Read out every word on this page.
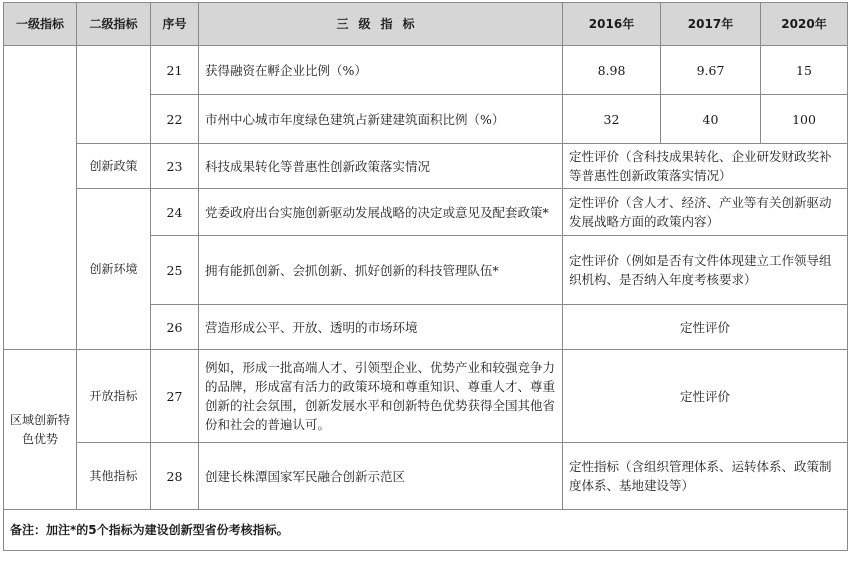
一级指标	二级指标	序号	三级指标	2016年	2017年	2020年
		21	获得融资在孵企业比例（%）	8.98	9.67	15
		22	市州中心城市年度绿色建筑占新建建筑面积比例（%）	32	40	100
	创新政策	23	科技成果转化等普惠性创新政策落实情况	定性评价（含科技成果转化、企业研发财政奖补等普惠性创新政策落实情况）		
	创新环境	24	党委政府出台实施创新驱动发展战略的决定或意见及配套政策*	定性评价（含人才、经济、产业等有关创新驱动发展战略方面的政策内容）		
		25	拥有能抓创新、会抓创新、抓好创新的科技管理队伍*	定性评价（例如是否有文件体现建立工作领导组织机构、是否纳入年度考核要求）		
		26	营造形成公平、开放、透明的市场环境	定性评价		
区域创新特色优势	开放指标	27	例如，形成一批高端人才、引领型企业、优势产业和较强竞争力的品牌，形成富有活力的政策环境和尊重知识、尊重人才、尊重创新的社会氛围，创新发展水平和创新特色优势获得全国其他省份和社会的普遍认可。	定性评价		
	其他指标	28	创建长株潭国家军民融合创新示范区	定性指标（含组织管理体系、运转体系、政策制度体系、基地建设等）		
备注：加注*的5个指标为建设创新型省份考核指标。						
